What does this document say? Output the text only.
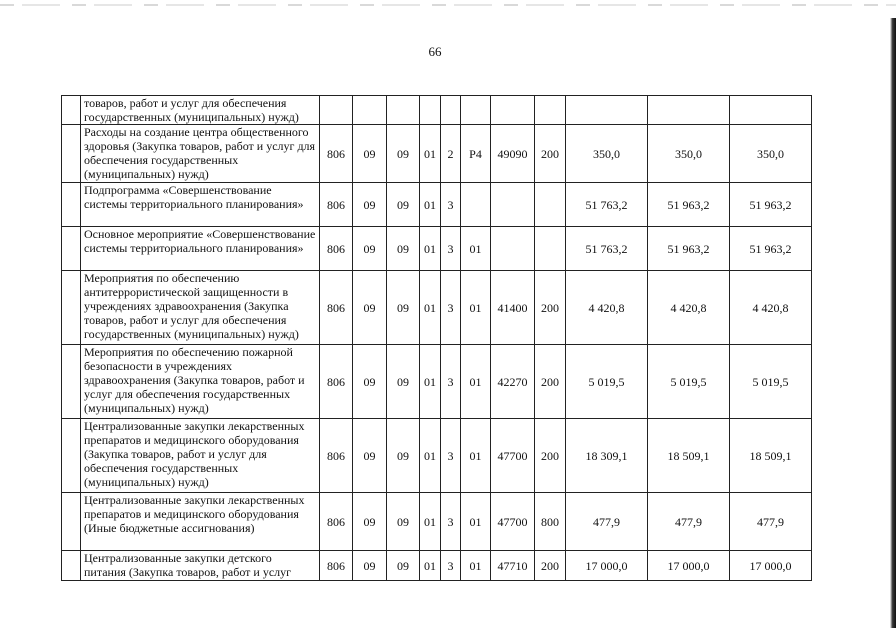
66
	товаров, работ и услуг для обеспечения государственных (муниципальных) нужд)											
	Расходы на создание центра общественного здоровья (Закупка товаров, работ и услуг для обеспечения государственных (муниципальных) нужд)	806	09	09	01	2	P4	49090	200	350,0	350,0	350,0
	Подпрограмма «Совершенствование системы территориального планирования»	806	09	09	01	3				51 763,2	51 963,2	51 963,2
	Основное мероприятие «Совершенствование системы территориального планирования»	806	09	09	01	3	01			51 763,2	51 963,2	51 963,2
	Мероприятия по обеспечению антитеррористической защищенности в учреждениях здравоохранения (Закупка товаров, работ и услуг для обеспечения государственных (муниципальных) нужд)	806	09	09	01	3	01	41400	200	4 420,8	4 420,8	4 420,8
	Мероприятия по обеспечению пожарной безопасности в учреждениях здравоохранения (Закупка товаров, работ и услуг для обеспечения государственных (муниципальных) нужд)	806	09	09	01	3	01	42270	200	5 019,5	5 019,5	5 019,5
	Централизованные закупки лекарственных препаратов и медицинского оборудования (Закупка товаров, работ и услуг для обеспечения государственных (муниципальных) нужд)	806	09	09	01	3	01	47700	200	18 309,1	18 509,1	18 509,1
	Централизованные закупки лекарственных препаратов и медицинского оборудования (Иные бюджетные ассигнования)	806	09	09	01	3	01	47700	800	477,9	477,9	477,9
	Централизованные закупки детского питания (Закупка товаров, работ и услуг	806	09	09	01	3	01	47710	200	17 000,0	17 000,0	17 000,0
